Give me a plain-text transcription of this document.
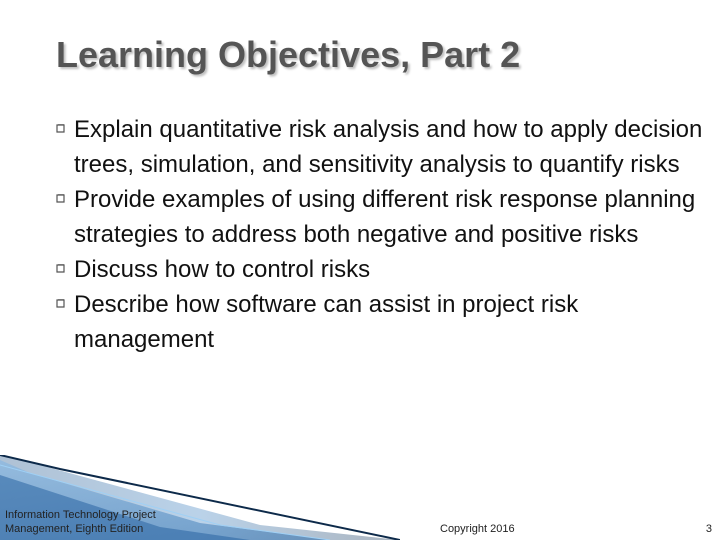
Learning Objectives, Part 2
Explain quantitative risk analysis and how to apply decision trees, simulation, and sensitivity analysis to quantify risks
Provide examples of using different risk response planning strategies to address both negative and positive risks
Discuss how to control risks
Describe how software can assist in project risk management
Information Technology Project Management, Eighth Edition	Copyright 2016	3
